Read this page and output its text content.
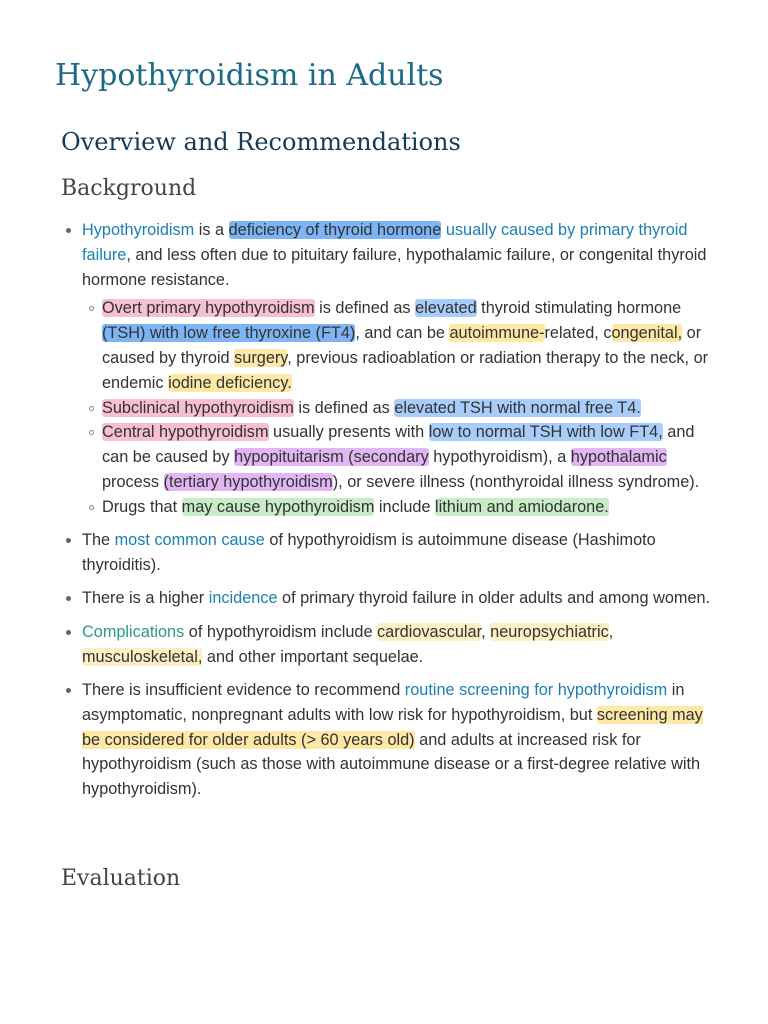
Hypothyroidism in Adults
Overview and Recommendations
Background
Hypothyroidism is a deficiency of thyroid hormone usually caused by primary thyroid failure, and less often due to pituitary failure, hypothalamic failure, or congenital thyroid hormone resistance.
Overt primary hypothyroidism is defined as elevated thyroid stimulating hormone (TSH) with low free thyroxine (FT4), and can be autoimmune-related, congenital, or caused by thyroid surgery, previous radioablation or radiation therapy to the neck, or endemic iodine deficiency.
Subclinical hypothyroidism is defined as elevated TSH with normal free T4.
Central hypothyroidism usually presents with low to normal TSH with low FT4, and can be caused by hypopituitarism (secondary hypothyroidism), a hypothalamic process (tertiary hypothyroidism), or severe illness (nonthyroidal illness syndrome).
Drugs that may cause hypothyroidism include lithium and amiodarone.
The most common cause of hypothyroidism is autoimmune disease (Hashimoto thyroiditis).
There is a higher incidence of primary thyroid failure in older adults and among women.
Complications of hypothyroidism include cardiovascular, neuropsychiatric, musculoskeletal, and other important sequelae.
There is insufficient evidence to recommend routine screening for hypothyroidism in asymptomatic, nonpregnant adults with low risk for hypothyroidism, but screening may be considered for older adults (> 60 years old) and adults at increased risk for hypothyroidism (such as those with autoimmune disease or a first-degree relative with hypothyroidism).
Evaluation
